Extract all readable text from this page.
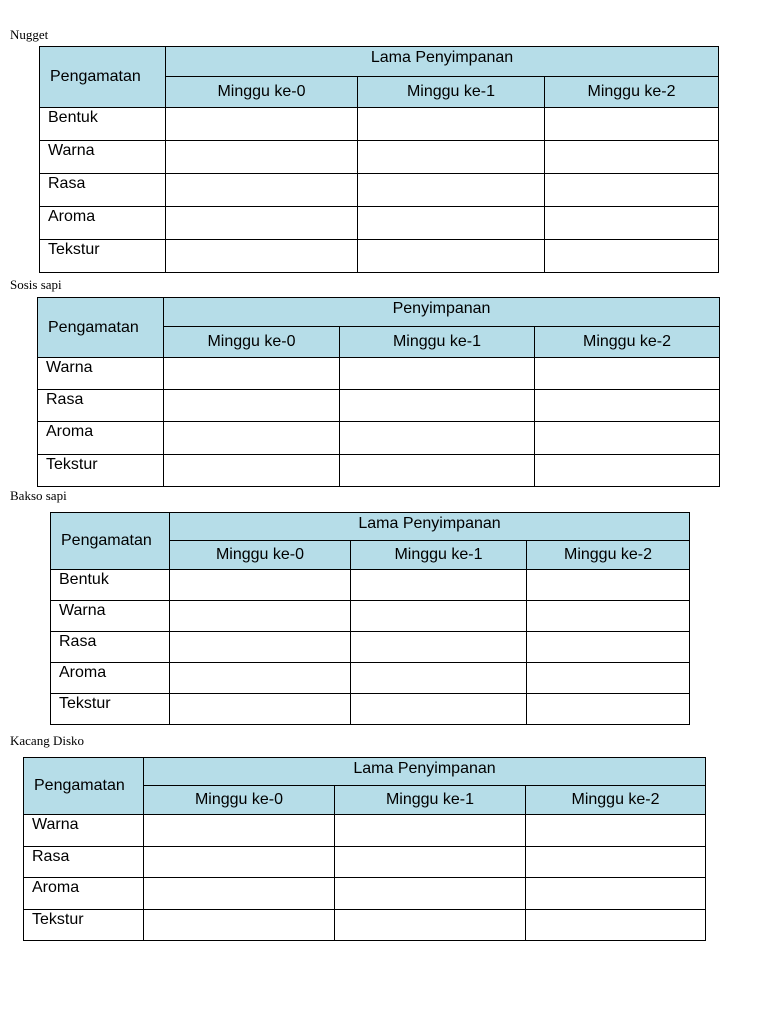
Nugget
Pengamatan	Lama Penyimpanan		
	Minggu ke-0	Minggu ke-1	Minggu ke-2
Bentuk			
Warna			
Rasa			
Aroma			
Tekstur			
Sosis sapi
Pengamatan	Penyimpanan		
	Minggu ke-0	Minggu ke-1	Minggu ke-2
Warna			
Rasa			
Aroma			
Tekstur			
Bakso sapi
Pengamatan	Lama Penyimpanan		
	Minggu ke-0	Minggu ke-1	Minggu ke-2
Bentuk			
Warna			
Rasa			
Aroma			
Tekstur			
Kacang Disko
Pengamatan	Lama Penyimpanan		
	Minggu ke-0	Minggu ke-1	Minggu ke-2
Warna			
Rasa			
Aroma			
Tekstur			
